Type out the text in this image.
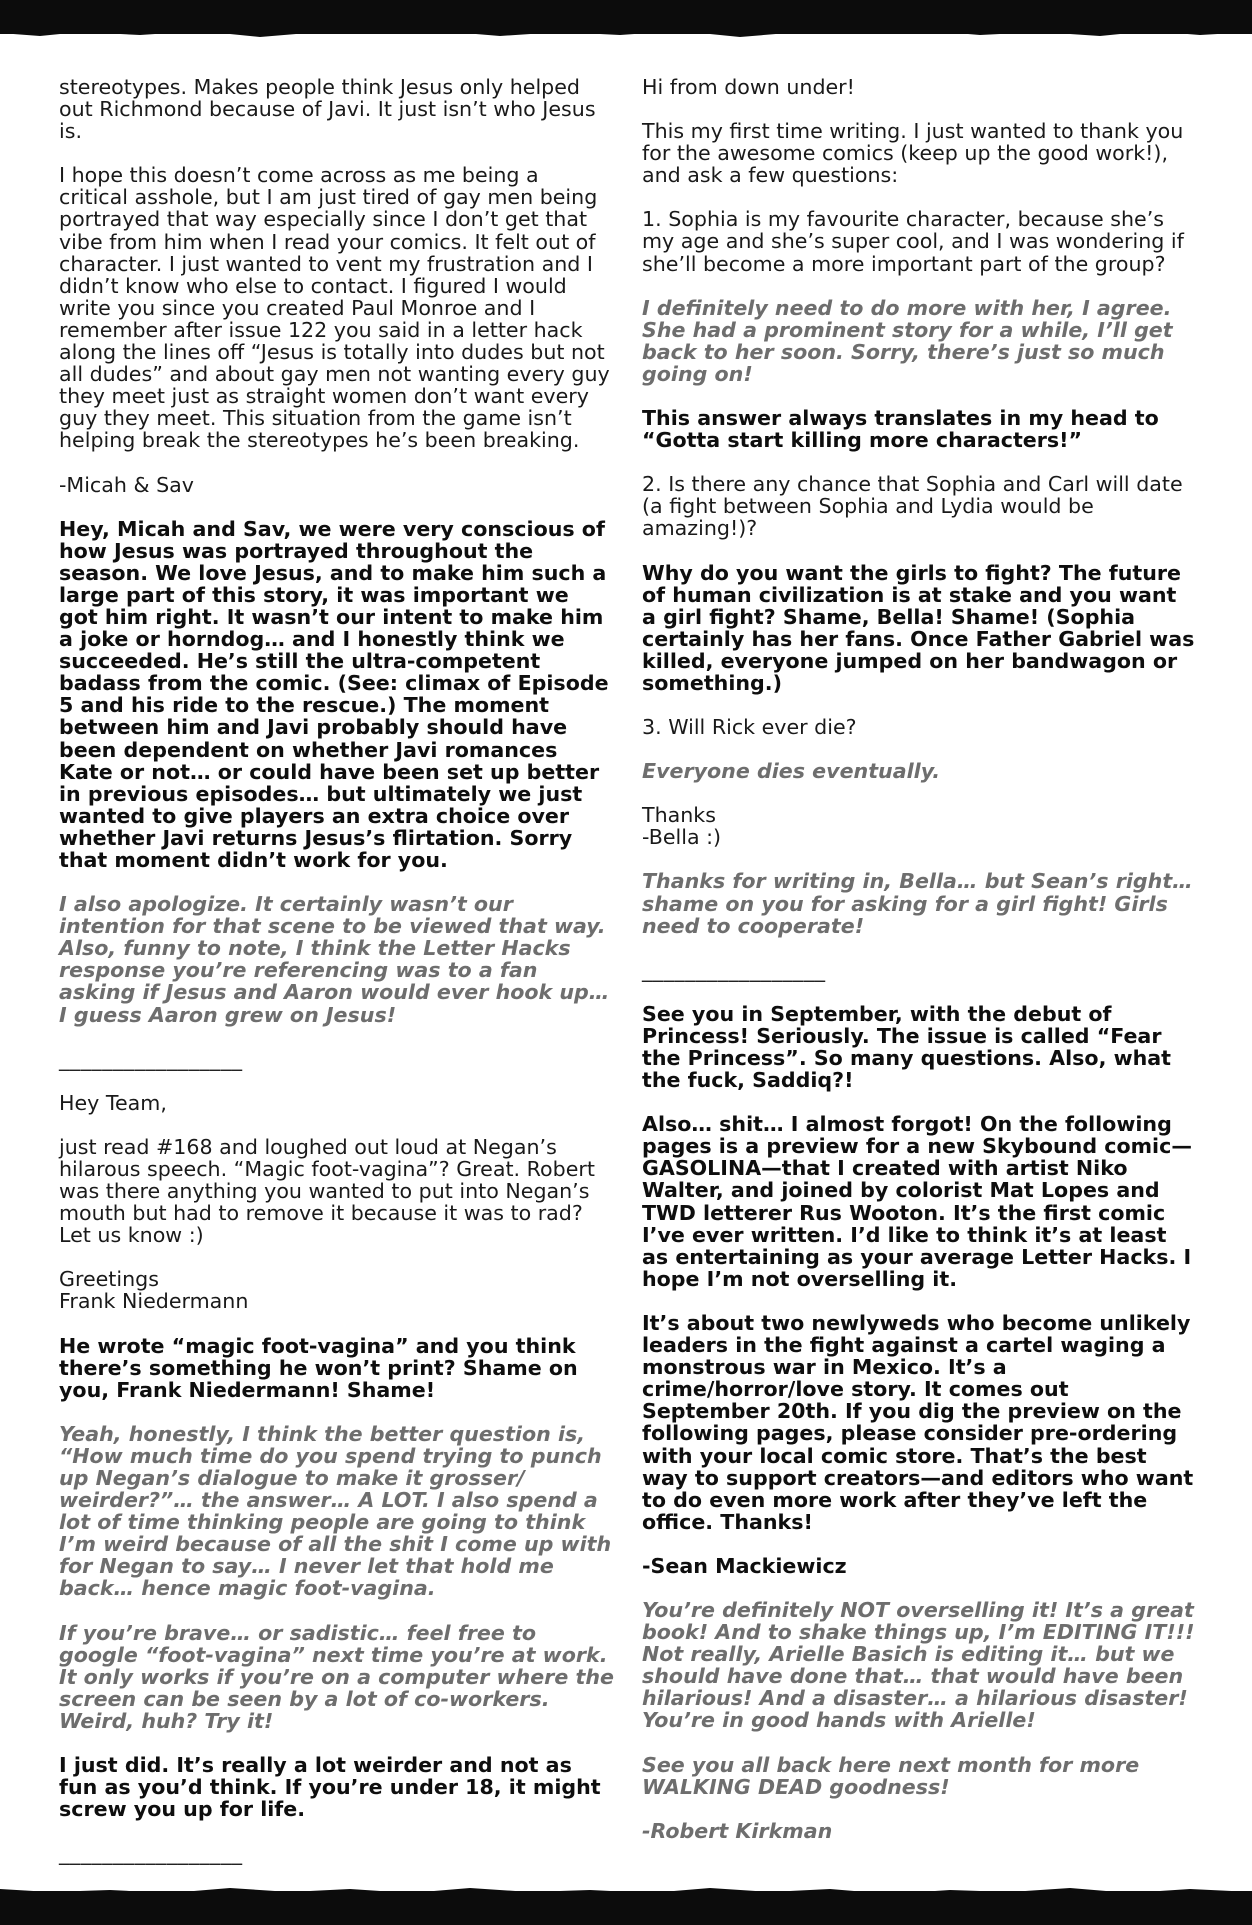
stereotypes. Makes people think Jesus only helped out Richmond because of Javi. It just isn’t who Jesus is.

I hope this doesn’t come across as me being a critical asshole, but I am just tired of gay men being portrayed that way especially since I don’t get that vibe from him when I read your comics. It felt out of character. I just wanted to vent my frustration and I didn’t know who else to contact. I figured I would write you since you created Paul Monroe and I remember after issue 122 you said in a letter hack along the lines off “Jesus is totally into dudes but not all dudes” and about gay men not wanting every guy they meet just as straight women don’t want every guy they meet. This situation from the game isn’t helping break the stereotypes he’s been breaking.

-Micah & Sav

Hey, Micah and Sav, we were very conscious of how Jesus was portrayed throughout the season. We love Jesus, and to make him such a large part of this story, it was important we got him right. It wasn’t our intent to make him a joke or horndog… and I honestly think we succeeded. He’s still the ultra-competent badass from the comic. (See: climax of Episode 5 and his ride to the rescue.) The moment between him and Javi probably should have been dependent on whether Javi romances Kate or not… or could have been set up better in previous episodes… but ultimately we just wanted to give players an extra choice over whether Javi returns Jesus’s flirtation. Sorry that moment didn’t work for you.

I also apologize. It certainly wasn’t our intention for that scene to be viewed that way. Also, funny to note, I think the Letter Hacks response you’re referencing was to a fan asking if Jesus and Aaron would ever hook up… I guess Aaron grew on Jesus!

_________________

Hey Team,

just read #168 and loughed out loud at Negan’s hilarous speech. “Magic foot-vagina”? Great. Robert was there anything you wanted to put into Negan’s mouth but had to remove it because it was to rad? Let us know :)

Greetings
Frank Niedermann

He wrote “magic foot-vagina” and you think there’s something he won’t print? Shame on you, Frank Niedermann! Shame!

Yeah, honestly, I think the better question is, “How much time do you spend trying to punch up Negan’s dialogue to make it grosser/ weirder?”… the answer… A LOT. I also spend a lot of time thinking people are going to think I’m weird because of all the shit I come up with for Negan to say… I never let that hold me back… hence magic foot-vagina.

If you’re brave… or sadistic… feel free to google “foot-vagina” next time you’re at work. It only works if you’re on a computer where the screen can be seen by a lot of co-workers. Weird, huh? Try it!

I just did. It’s really a lot weirder and not as fun as you’d think. If you’re under 18, it might screw you up for life.

_________________

Hi from down under!

This my first time writing. I just wanted to thank you for the awesome comics (keep up the good work!), and ask a few questions:

1. Sophia is my favourite character, because she’s my age and she’s super cool, and I was wondering if she’ll become a more important part of the group?

I definitely need to do more with her, I agree. She had a prominent story for a while, I’ll get back to her soon. Sorry, there’s just so much going on!

This answer always translates in my head to “Gotta start killing more characters!”

2. Is there any chance that Sophia and Carl will date (a fight between Sophia and Lydia would be amazing!)?

Why do you want the girls to fight? The future of human civilization is at stake and you want a girl fight? Shame, Bella! Shame! (Sophia certainly has her fans. Once Father Gabriel was killed, everyone jumped on her bandwagon or something.)

3. Will Rick ever die?

Everyone dies eventually.

Thanks
-Bella :)

Thanks for writing in, Bella… but Sean’s right… shame on you for asking for a girl fight! Girls need to cooperate!

_________________

See you in September, with the debut of Princess! Seriously. The issue is called “Fear the Princess”. So many questions. Also, what the fuck, Saddiq?!

Also… shit… I almost forgot! On the following pages is a preview for a new Skybound comic—GASOLINA—that I created with artist Niko Walter, and joined by colorist Mat Lopes and TWD letterer Rus Wooton. It’s the first comic I’ve ever written. I’d like to think it’s at least as entertaining as your average Letter Hacks. I hope I’m not overselling it.

It’s about two newlyweds who become unlikely leaders in the fight against a cartel waging a monstrous war in Mexico. It’s a crime/horror/love story. It comes out September 20th. If you dig the preview on the following pages, please consider pre-ordering with your local comic store. That’s the best way to support creators—and editors who want to do even more work after they’ve left the office. Thanks!

-Sean Mackiewicz

You’re definitely NOT overselling it! It’s a great book! And to shake things up, I’m EDITING IT!!! Not really, Arielle Basich is editing it… but we should have done that… that would have been hilarious! And a disaster… a hilarious disaster! You’re in good hands with Arielle!

See you all back here next month for more WALKING DEAD goodness!

-Robert Kirkman
